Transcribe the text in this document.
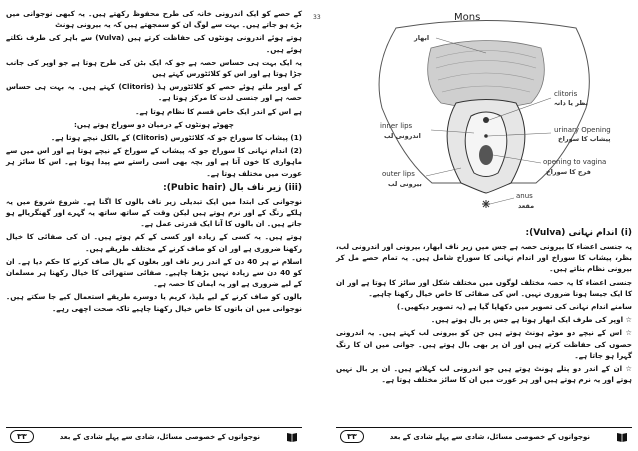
33

کے حصے کو ایک اندرونی خانہ کی طرح محفوظ رکھتے ہیں۔ یہ کبھی نوجوانی میں بڑے ہو جاتے ہیں۔ بہت سے لوگ ان کو سمجھتے ہیں کہ یہ بیرونی ہونٹ

ہوتے ہوئے اندرونی ہونٹوں کی حفاظت کرتے ہیں (Vulva) سے باہر کی طرف نکلتے ہوئے ہیں۔

یہ ایک بہت ہی حساس حصہ ہے جو کہ ایک بٹن کی طرح ہوتا ہے جو اوپر کی جانب جڑا ہوتا ہے اور اس کو کلائٹورس کہتے ہیں

کے اوپر ملتے ہوئے حصے کو کلائٹورس ہڈ (Clitoris) کہتے ہیں۔ یہ بہت ہی حساس حصہ ہے اور جنسی لذت کا مرکز ہوتا ہے۔

ہے اس کے اندر ایک خاص قسم کا نظام ہوتا ہے۔

چھوٹے ہونٹوں کے درمیان دو سوراخ ہوتے ہیں:

(1) پیشاب کا سوراخ جو کہ کلائٹورس (Clitoris) کے بالکل نیچے ہوتا ہے۔

(2) اندام نہانی کا سوراخ جو کہ پیشاب کے سوراخ کے نیچے ہوتا ہے اور اس میں سے ماہواری کا خون آتا ہے اور بچہ بھی اسی راستے سے پیدا ہوتا ہے۔ اس کا سائز ہر عورت میں مختلف ہوتا ہے۔

(iii) زیر ناف بال (Pubic hair):

نوجوانی کی ابتدا میں ایک تبدیلی زیر ناف بالوں کا اگنا ہے۔ شروع شروع میں یہ ہلکے رنگ کے اور نرم ہوتے ہیں لیکن وقت کے ساتھ ساتھ یہ گہرے اور گھنگریالے ہو جاتے ہیں۔ ان بالوں کا آنا ایک قدرتی عمل ہے۔

ہوتے ہیں۔ یہ کسی کے زیادہ اور کسی کے کم ہوتے ہیں۔ ان کی صفائی کا خیال رکھنا ضروری ہے اور ان کو صاف کرنے کے مختلف طریقے ہیں۔

اسلام نے ہر 40 دن کے اندر زیر ناف اور بغلوں کے بال صاف کرنے کا حکم دیا ہے۔ ان کو 40 دن سے زیادہ نہیں بڑھنا چاہیے۔ صفائی ستھرائی کا خیال رکھنا ہر مسلمان کے لیے ضروری ہے اور یہ ایمان کا حصہ ہے۔

بالوں کو صاف کرنے کے لیے بلیڈ، کریم یا دوسرے طریقے استعمال کیے جا سکتے ہیں۔ نوجوانی میں ان باتوں کا خاص خیال رکھنا چاہیے تاکہ صحت اچھی رہے۔

۳۳	نوجوانوں کے خصوصی مسائل، شادی سے پہلے شادی کے بعد
Mons
ابھار
clitoris
بظر یا دانہ
inner lips
اندرونی لب
urinary Opening
پیشاب کا سوراخ
opening to vagina
فرج کا سوراخ
outer lips
بیرونی لب
anus
مقعد
(i) اندام نہانی (Vulva):

یہ جنسی اعضاء کا بیرونی حصہ ہے جس میں زیر ناف ابھار، بیرونی اور اندرونی لب، بظر، پیشاب کا سوراخ اور اندام نہانی کا سوراخ شامل ہیں۔ یہ تمام حصے مل کر بیرونی نظام بناتے ہیں۔

جنسی اعضاء کا یہ حصہ مختلف لوگوں میں مختلف شکل اور سائز کا ہوتا ہے اور ان کا ایک جیسا ہونا ضروری نہیں۔ اس کی صفائی کا خاص خیال رکھنا چاہیے۔

سامنے اندام نہانی کی تصویر میں دکھایا گیا ہے (یہ تصویر دیکھیں۔)

☆ اوپر کی طرف ایک ابھار ہوتا ہے جس پر بال ہوتے ہیں۔

☆ اس کے نیچے دو موٹے ہونٹ ہوتے ہیں جن کو بیرونی لب کہتے ہیں۔ یہ اندرونی حصوں کی حفاظت کرتے ہیں اور ان پر بھی بال ہوتے ہیں۔ جوانی میں ان کا رنگ گہرا ہو جاتا ہے۔

☆ ان کے اندر دو پتلے ہونٹ ہوتے ہیں جو اندرونی لب کہلاتے ہیں۔ ان پر بال نہیں ہوتے اور یہ نرم ہوتے ہیں اور ہر عورت میں ان کا سائز مختلف ہوتا ہے۔

۳۳	نوجوانوں کے خصوصی مسائل، شادی سے پہلے شادی کے بعد
